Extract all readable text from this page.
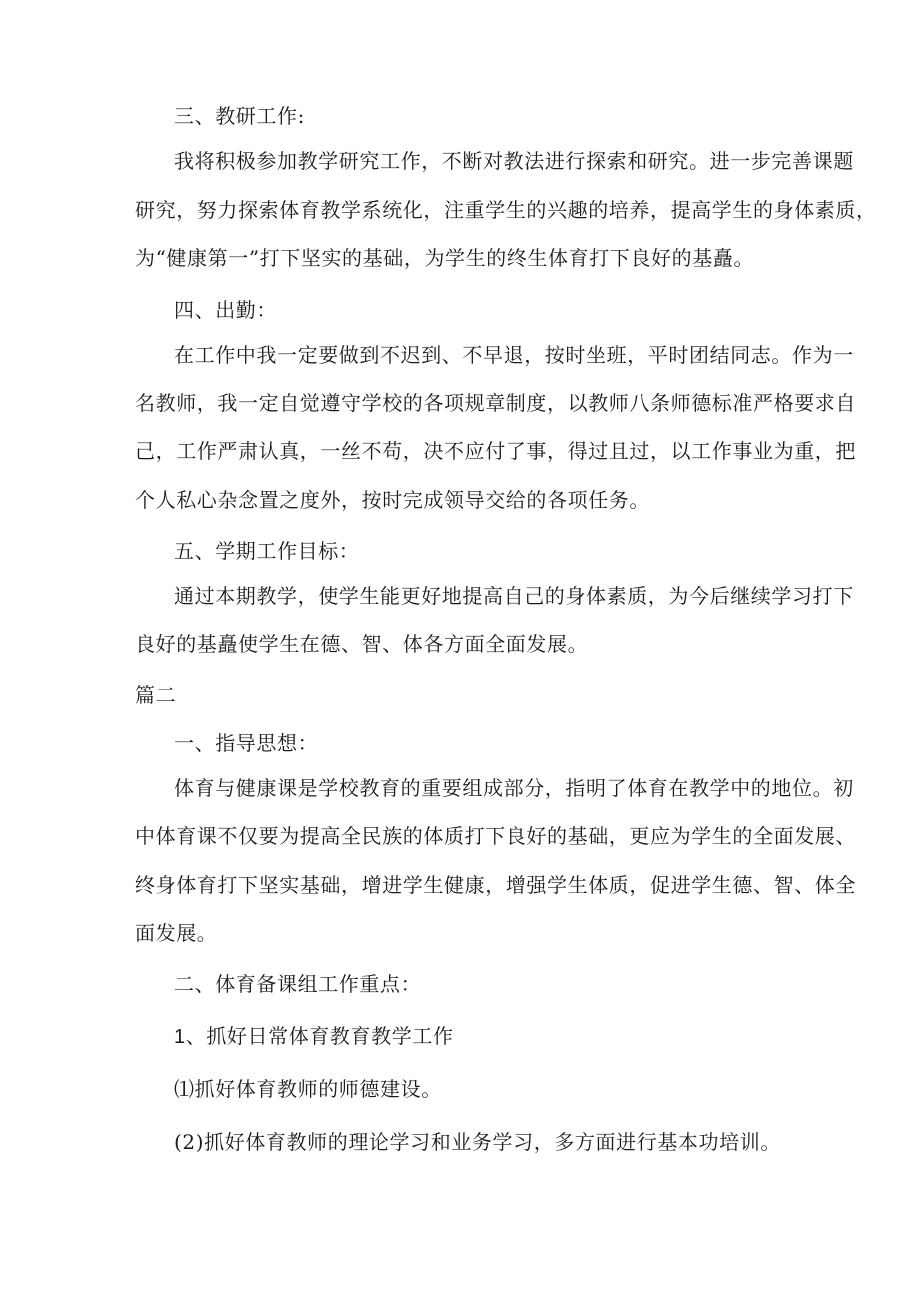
三、教研工作:
我将积极参加教学研究工作，不断对教法进行探索和研究。进一步完善课题
研究，努力探索体育教学系统化，注重学生的兴趣的培养，提高学生的身体素质，
为“健康第一”打下坚实的基础，为学生的终生体育打下良好的基矗。
四、出勤：
在工作中我一定要做到不迟到、不早退，按时坐班，平时团结同志。作为一
名教师，我一定自觉遵守学校的各项规章制度，以教师八条师德标准严格要求自
己，工作严肃认真，一丝不苟，决不应付了事，得过且过，以工作事业为重，把
个人私心杂念置之度外，按时完成领导交给的各项任务。
五、学期工作目标：
通过本期教学，使学生能更好地提高自己的身体素质，为今后继续学习打下
良好的基矗使学生在德、智、体各方面全面发展。
篇二
一、指导思想：
体育与健康课是学校教育的重要组成部分，指明了体育在教学中的地位。初
中体育课不仅要为提高全民族的体质打下良好的基础，更应为学生的全面发展、
终身体育打下坚实基础，增进学生健康，增强学生体质，促进学生德、智、体全
面发展。
二、体育备课组工作重点：
1、抓好日常体育教育教学工作
⑴抓好体育教师的师德建设。
(2)抓好体育教师的理论学习和业务学习，多方面进行基本功培训。
